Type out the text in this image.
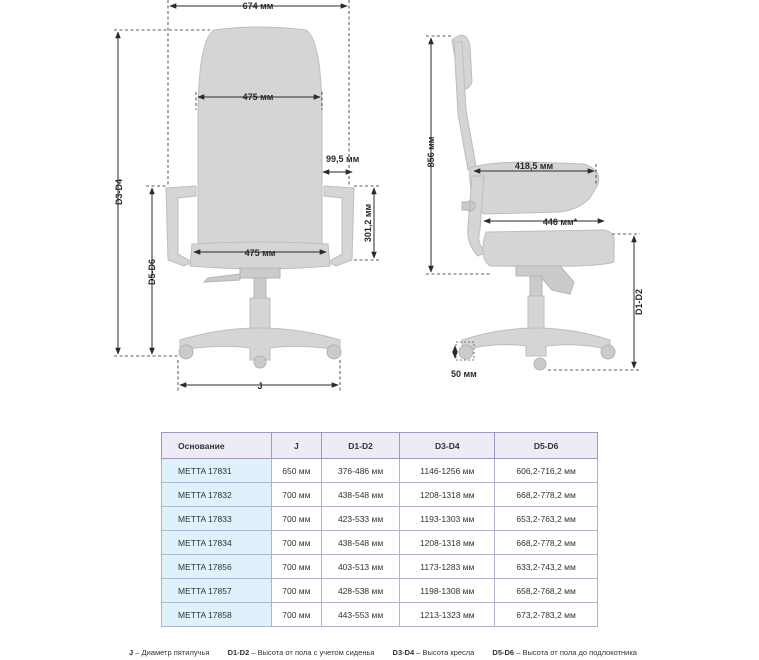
674 мм
475 мм
99,5 мм
301,2 мм
475 мм
D3-D4
D5-D6
J
856 мм	418,5 мм
446 мм*
D1-D2
50 мм
Основание	J	D1-D2	D3-D4	D5-D6
METTA 17831	650 мм	376-486 мм	1146-1256 мм	606,2-716,2 мм
METTA 17832	700 мм	438-548 мм	1208-1318 мм	668,2-778,2 мм
METTA 17833	700 мм	423-533 мм	1193-1303 мм	653,2-763,2 мм
METTA 17834	700 мм	438-548 мм	1208-1318 мм	668,2-778,2 мм
METTA 17856	700 мм	403-513 мм	1173-1283 мм	633,2-743,2 мм
METTA 17857	700 мм	428-538 мм	1198-1308 мм	658,2-768,2 мм
METTA 17858	700 мм	443-553 мм	1213-1323 мм	673,2-783,2 мм
J – Диаметр пятилучья D1-D2 – Высота от пола с учетом сиденья D3-D4 – Высота кресла D5-D6 – Высота от пола до подлокотника
